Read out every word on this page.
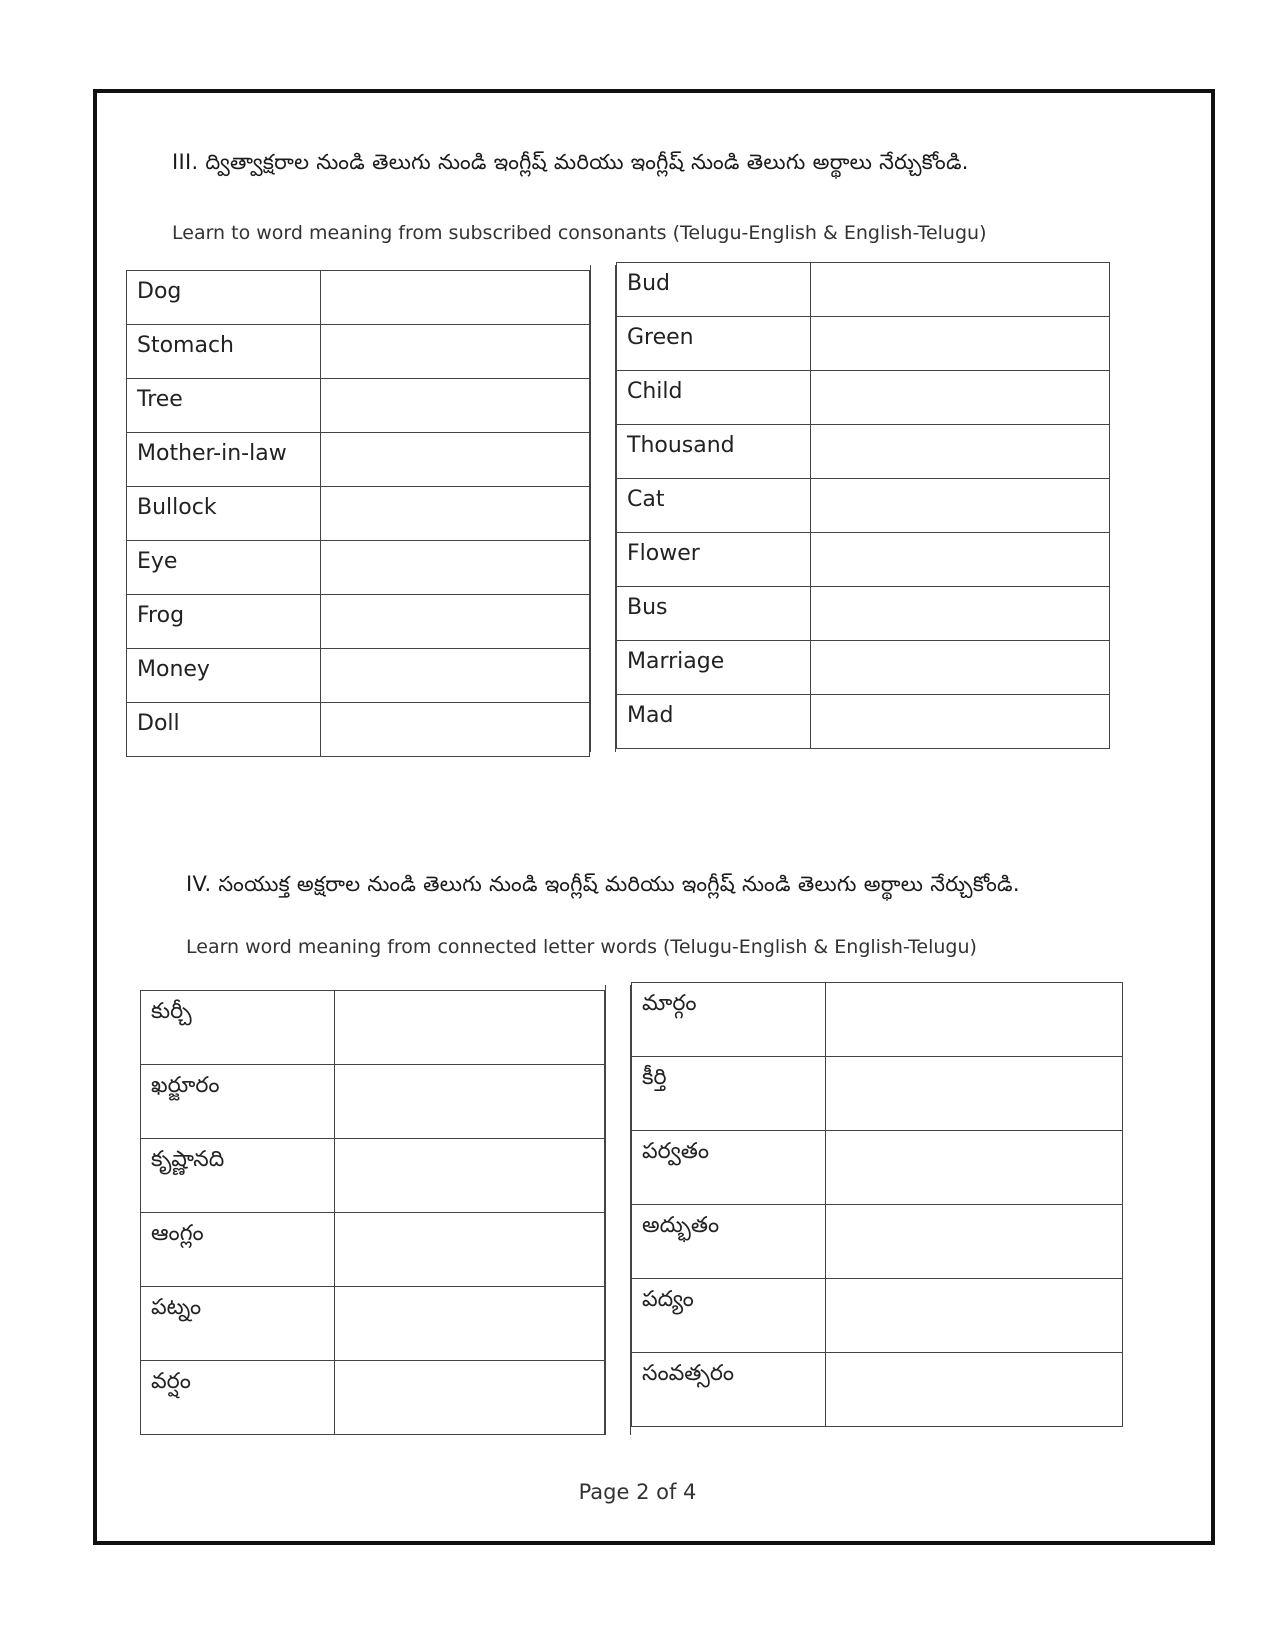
III. ద్విత్వాక్షరాల నుండి తెలుగు నుండి ఇంగ్లీష్ మరియు ఇంగ్లీష్ నుండి తెలుగు అర్థాలు నేర్చుకోండి.
Learn to word meaning from subscribed consonants (Telugu-English & English-Telugu)
Dog	
Stomach	
Tree	
Mother-in-law	
Bullock	
Eye	
Frog	
Money	
Doll	
Bud	
Green	
Child	
Thousand	
Cat	
Flower	
Bus	
Marriage	
Mad	
IV. సంయుక్త అక్షరాల నుండి తెలుగు నుండి ఇంగ్లీష్ మరియు ఇంగ్లీష్ నుండి తెలుగు అర్థాలు నేర్చుకోండి.
Learn word meaning from connected letter words (Telugu-English & English-Telugu)
కుర్చీ	
ఖర్జూరం	
కృష్ణానది	
ఆంగ్లం	
పట్నం	
వర్షం	
మార్గం	
కీర్తి	
పర్వతం	
అద్భుతం	
పద్యం	
సంవత్సరం	
Page 2 of 4
